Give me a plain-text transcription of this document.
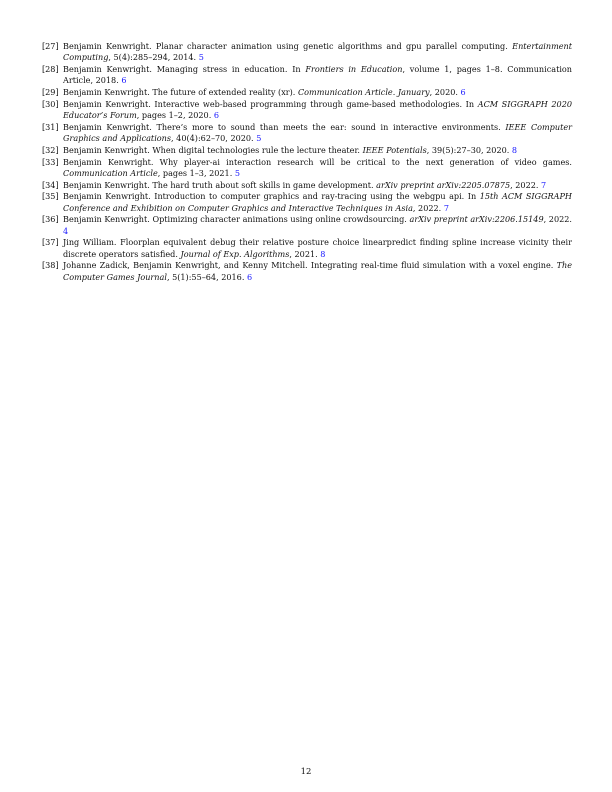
[27] Benjamin Kenwright. Planar character animation using genetic algorithms and gpu parallel computing. Entertainment Computing, 5(4):285–294, 2014. 5
[28] Benjamin Kenwright. Managing stress in education. In Frontiers in Education, volume 1, pages 1–8. Communication Article, 2018. 6
[29] Benjamin Kenwright. The future of extended reality (xr). Communication Article. January, 2020. 6
[30] Benjamin Kenwright. Interactive web-based programming through game-based methodologies. In ACM SIGGRAPH 2020 Educator’s Forum, pages 1–2, 2020. 6
[31] Benjamin Kenwright. There’s more to sound than meets the ear: sound in interactive environments. IEEE Computer Graphics and Applications, 40(4):62–70, 2020. 5
[32] Benjamin Kenwright. When digital technologies rule the lecture theater. IEEE Potentials, 39(5):27–30, 2020. 8
[33] Benjamin Kenwright. Why player-ai interaction research will be critical to the next generation of video games. Communication Article, pages 1–3, 2021. 5
[34] Benjamin Kenwright. The hard truth about soft skills in game development. arXiv preprint arXiv:2205.07875, 2022. 7
[35] Benjamin Kenwright. Introduction to computer graphics and ray-tracing using the webgpu api. In 15th ACM SIGGRAPH Conference and Exhibition on Computer Graphics and Interactive Techniques in Asia, 2022. 7
[36] Benjamin Kenwright. Optimizing character animations using online crowdsourcing. arXiv preprint arXiv:2206.15149, 2022. 4
[37] Jing William. Floorplan equivalent debug their relative posture choice linearpredict finding spline increase vicinity their discrete operators satisfied. Journal of Exp. Algorithms, 2021. 8
[38] Johanne Zadick, Benjamin Kenwright, and Kenny Mitchell. Integrating real-time fluid simulation with a voxel engine. The Computer Games Journal, 5(1):55–64, 2016. 6
12
